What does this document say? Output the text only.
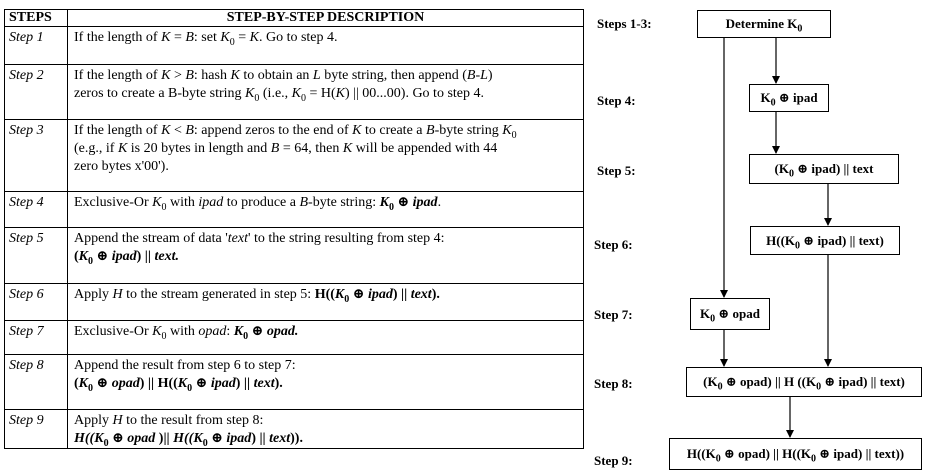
STEPS	STEP-BY-STEP DESCRIPTION
Step 1	If the length of K = B: set $K_0 = K$. Go to step 4.

Step 2	If the length of K > B: hash K to obtain an L byte string, then append (B-L)
zeros to create a B-byte string $K_0$ (i.e., $K_0 = H(K)$ || 00...00). Go to step 4.

Step 3	If the length of K < B: append zeros to the end of K to create a B-byte string $K_0$
(e.g., if K is 20 bytes in length and B = 64, then K will be appended with 44
zero bytes x'00').

Step 4	Exclusive-Or $K_0$ with ipad to produce a B-byte string: $K_0$ ⊕ ipad.

Step 5	Append the stream of data 'text' to the string resulting from step 4:
($K_0$ ⊕ ipad) || text.

Step 6	Apply H to the stream generated in step 5: $H((K_0$ ⊕ ipad) || text).

Step 7	Exclusive-Or $K_0$ with opad: $K_0$ ⊕ opad.

Step 8	Append the result from step 6 to step 7:
($K_0$ ⊕ opad) || $H((K_0$ ⊕ ipad) || text).

Step 9	Apply H to the result from step 8:
$H((K_0$ ⊕ opad )|| $H((K_0$ ⊕ ipad) || text)).
Steps 1-3:
Step 4:
Step 5:
Step 6:
Step 7:
Step 8:
Step 9:
Determine $K_0$
$K_0$ ⊕ ipad
($K_0$ ⊕ ipad) || text
$H((K_0$ ⊕ ipad) || text)
$K_0$ ⊕ opad
($K_0$ ⊕ opad) || H (($K_0$ ⊕ ipad) || text)
$H((K_0$ ⊕ opad) || $H((K_0$ ⊕ ipad) || text))
